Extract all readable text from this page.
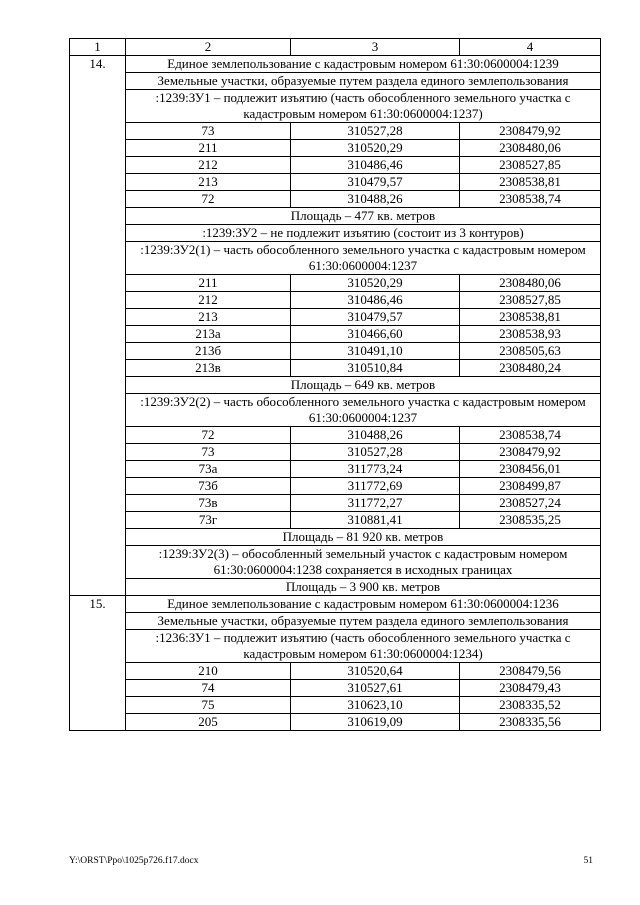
1	2	3	4
14.	Единое землепользование с кадастровым номером 61:30:0600004:1239		
	Земельные участки, образуемые путем раздела единого землепользования		
	:1239:ЗУ1 – подлежит изъятию (часть обособленного земельного участка с кадастровым номером 61:30:0600004:1237)		
	73	310527,28	2308479,92
	211	310520,29	2308480,06
	212	310486,46	2308527,85
	213	310479,57	2308538,81
	72	310488,26	2308538,74
	Площадь – 477 кв. метров		
	:1239:ЗУ2 – не подлежит изъятию (состоит из 3 контуров)		
	:1239:ЗУ2(1) – часть обособленного земельного участка с кадастровым номером 61:30:0600004:1237		
	211	310520,29	2308480,06
	212	310486,46	2308527,85
	213	310479,57	2308538,81
	213а	310466,60	2308538,93
	213б	310491,10	2308505,63
	213в	310510,84	2308480,24
	Площадь – 649 кв. метров		
	:1239:ЗУ2(2) – часть обособленного земельного участка с кадастровым номером 61:30:0600004:1237		
	72	310488,26	2308538,74
	73	310527,28	2308479,92
	73а	311773,24	2308456,01
	73б	311772,69	2308499,87
	73в	311772,27	2308527,24
	73г	310881,41	2308535,25
	Площадь – 81 920 кв. метров		
	:1239:ЗУ2(3) – обособленный земельный участок с кадастровым номером 61:30:0600004:1238 сохраняется в исходных границах		
	Площадь – 3 900 кв. метров		
15.	Единое землепользование с кадастровым номером 61:30:0600004:1236		
	Земельные участки, образуемые путем раздела единого землепользования		
	:1236:ЗУ1 – подлежит изъятию (часть обособленного земельного участка с кадастровым номером 61:30:0600004:1234)		
	210	310520,64	2308479,56
	74	310527,61	2308479,43
	75	310623,10	2308335,52
	205	310619,09	2308335,56
Y:\ORST\Ppo\1025p726.f17.docx	51
